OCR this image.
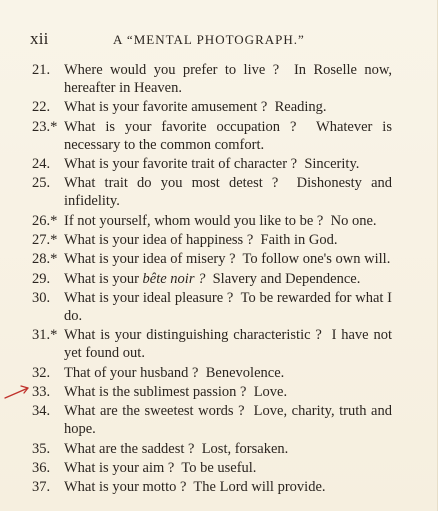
xii	A “MENTAL PHOTOGRAPH.”

21. Where would you prefer to live ? In Roselle now, hereafter in Heaven.

22. What is your favorite amusement ? Reading.

23.* What is your favorite occupation ? Whatever is necessary to the common comfort.

24. What is your favorite trait of character ? Sincerity.

25. What trait do you most detest ? Dishonesty and infidelity.

26.* If not yourself, whom would you like to be ? No one.

27.* What is your idea of happiness ? Faith in God.

28.* What is your idea of misery ? To follow one's own will.

29. What is your bête noir ? Slavery and Dependence.

30. What is your ideal pleasure ? To be rewarded for what I do.

31.* What is your distinguishing characteristic ? I have not yet found out.

32. That of your husband ? Benevolence.

33. What is the sublimest passion ? Love.

34. What are the sweetest words ? Love, charity, truth and hope.

35. What are the saddest ? Lost, forsaken.

36. What is your aim ? To be useful.

37. What is your motto ? The Lord will provide.
